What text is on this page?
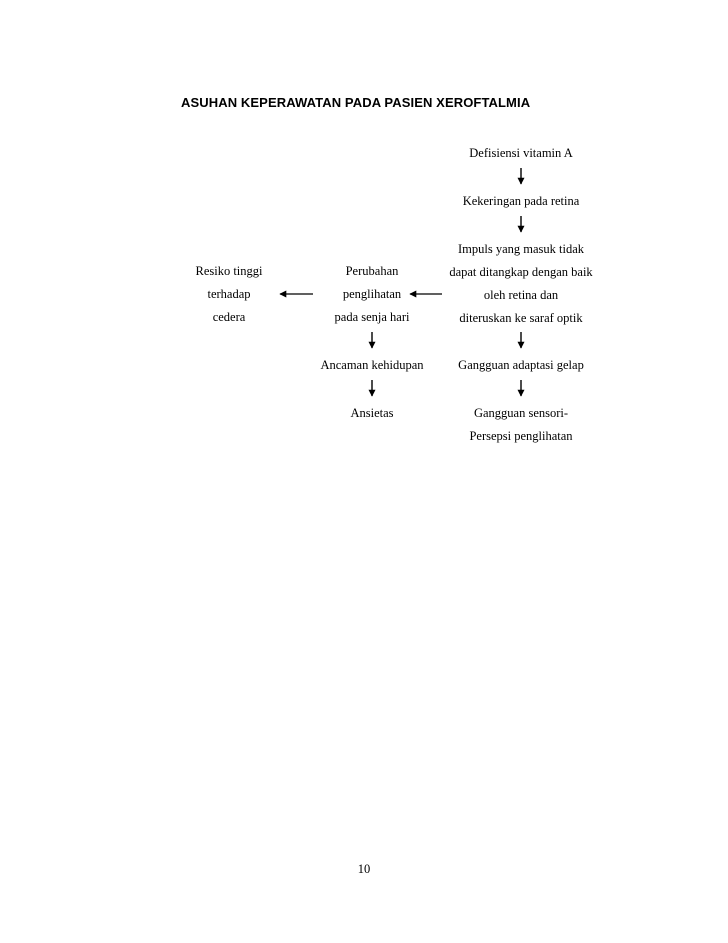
ASUHAN KEPERAWATAN PADA PASIEN XEROFTALMIA
Defisiensi vitamin A
Kekeringan pada retina
Impuls yang masuk tidak
dapat ditangkap dengan baik
oleh retina dan
diteruskan ke saraf optik
Gangguan adaptasi gelap
Gangguan sensori-
Persepsi penglihatan
Perubahan
penglihatan
pada senja hari
Ancaman kehidupan
Ansietas
Resiko tinggi
terhadap
cedera
10
